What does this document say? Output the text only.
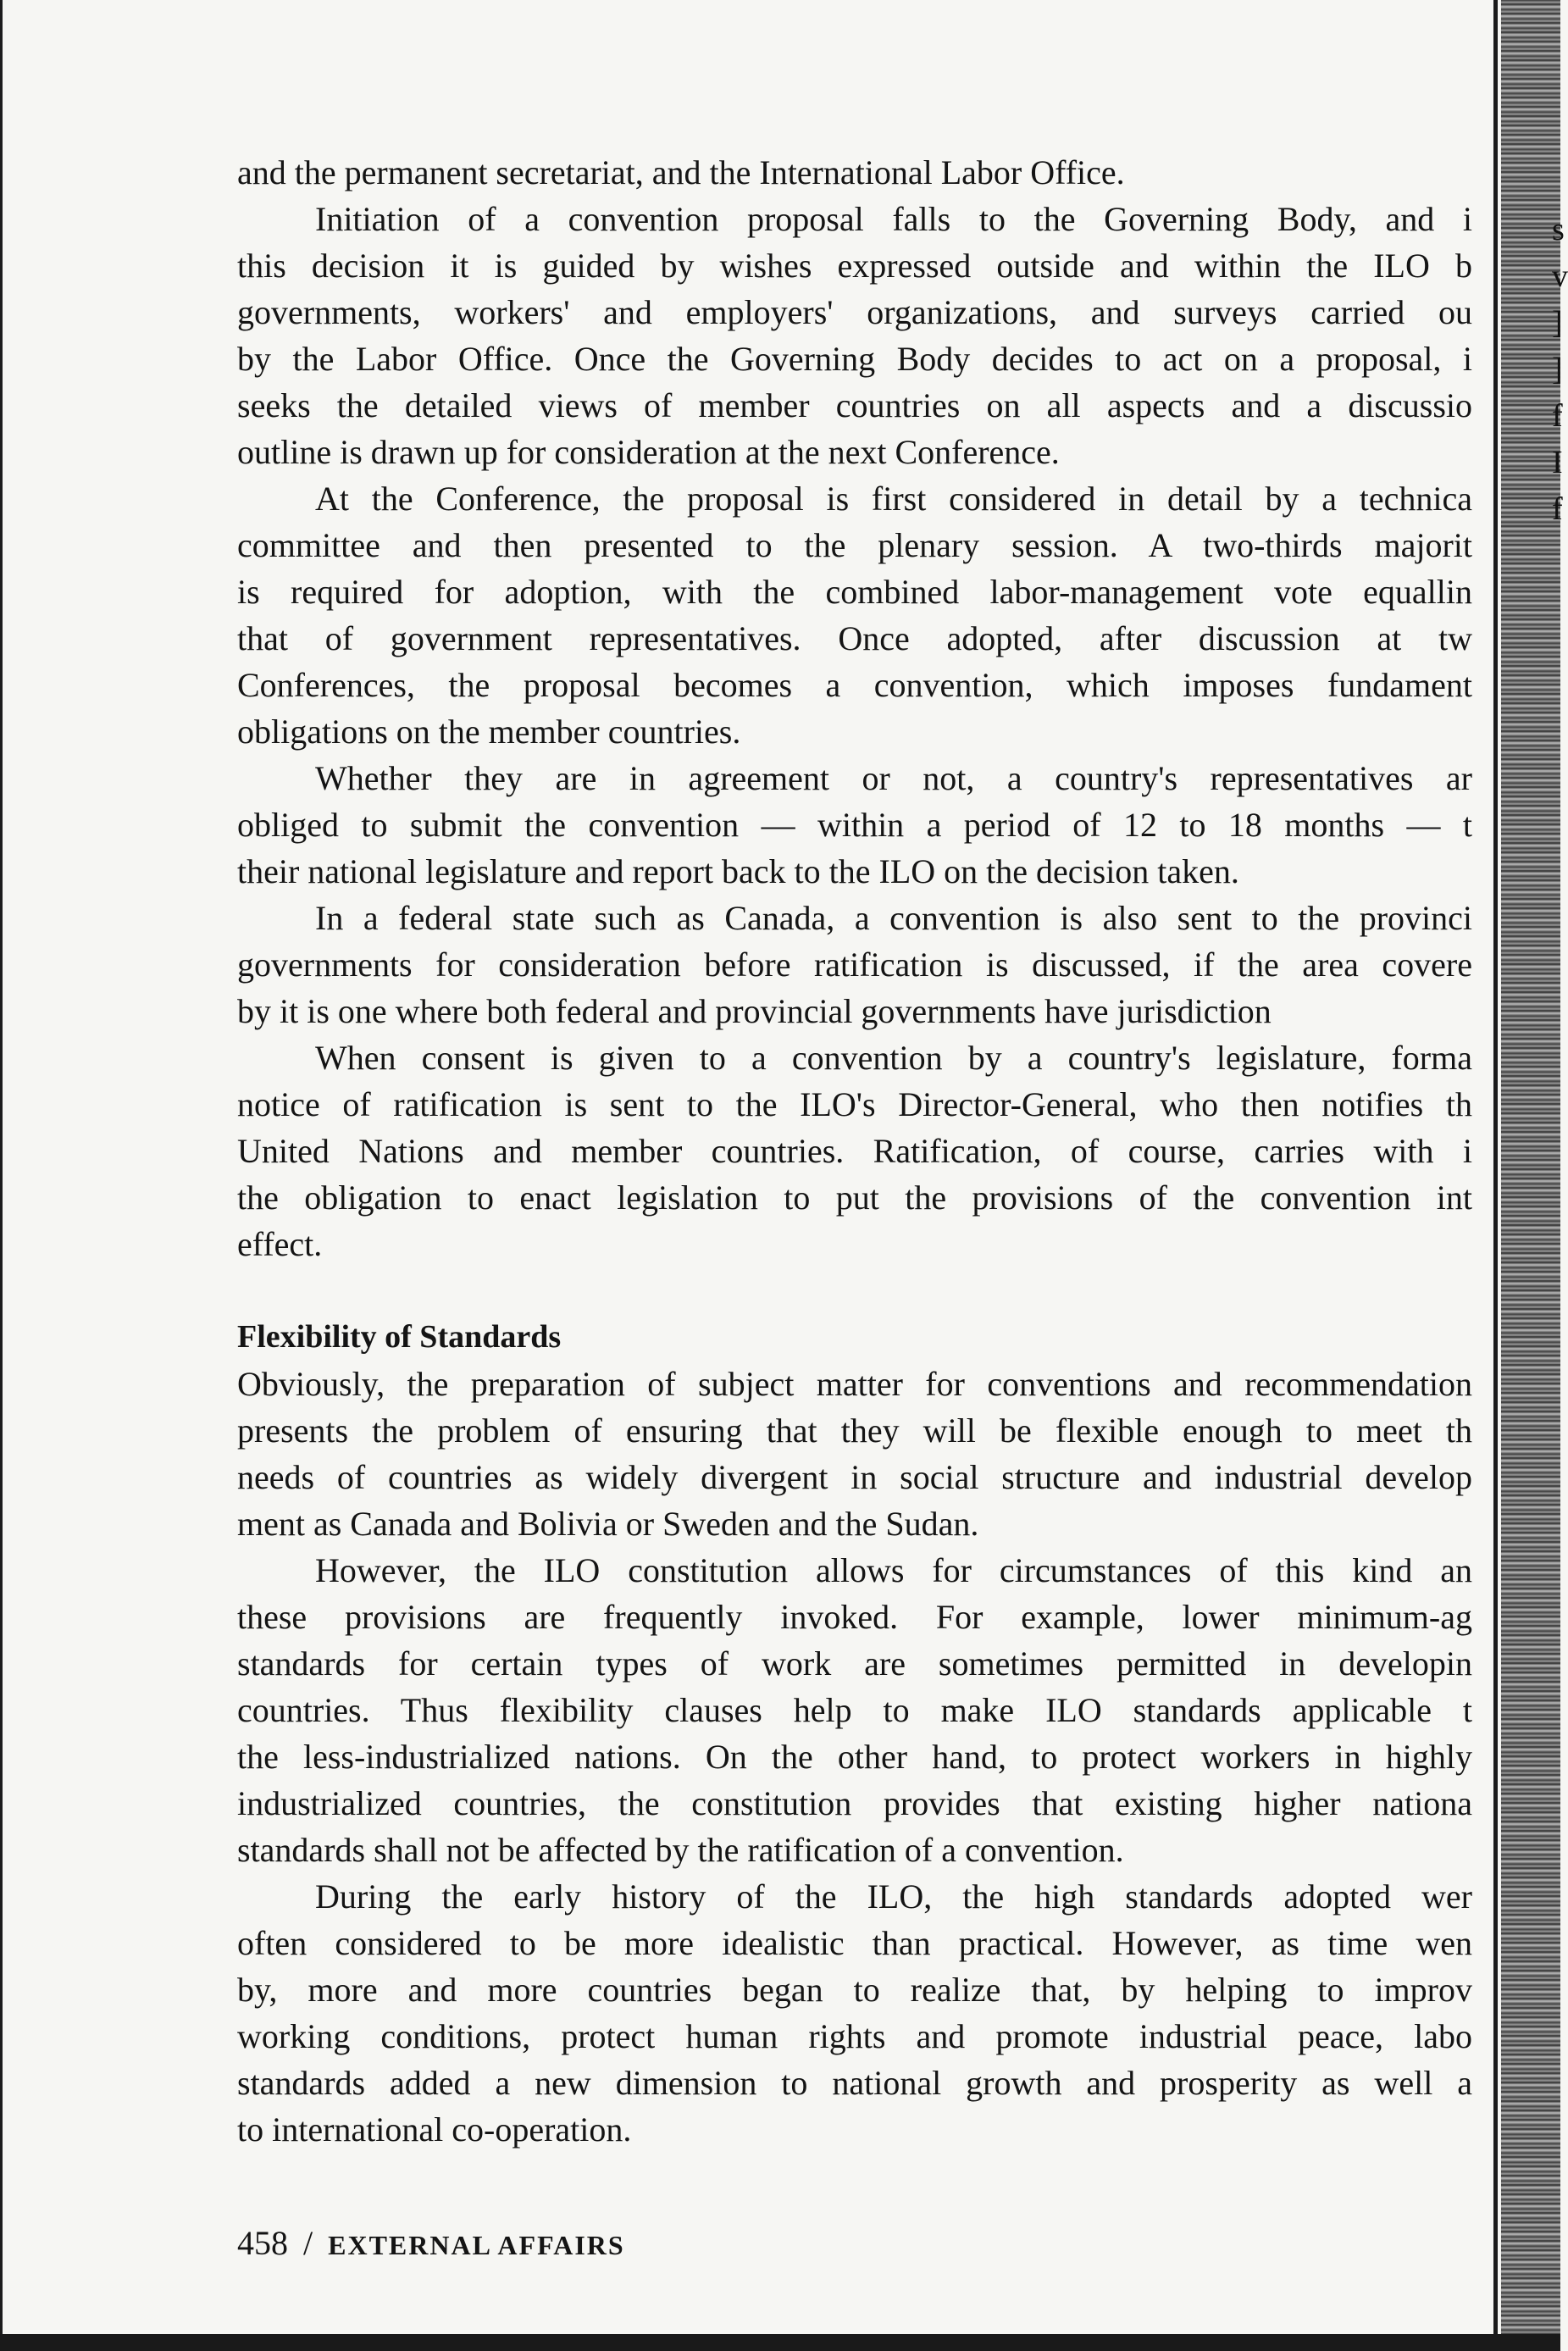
s
v
]
]
f
I
f
and the permanent secretariat, and the International Labor Office.
Initiation of a convention proposal falls to the Governing Body, and i
this decision it is guided by wishes expressed outside and within the ILO b
governments, workers' and employers' organizations, and surveys carried ou
by the Labor Office. Once the Governing Body decides to act on a proposal, i
seeks the detailed views of member countries on all aspects and a discussio
outline is drawn up for consideration at the next Conference.
At the Conference, the proposal is first considered in detail by a technica
committee and then presented to the plenary session. A two-thirds majorit
is required for adoption, with the combined labor-management vote equallin
that of government representatives. Once adopted, after discussion at tw
Conferences, the proposal becomes a convention, which imposes fundament
obligations on the member countries.
Whether they are in agreement or not, a country's representatives ar
obliged to submit the convention — within a period of 12 to 18 months — t
their national legislature and report back to the ILO on the decision taken.
In a federal state such as Canada, a convention is also sent to the provinci
governments for consideration before ratification is discussed, if the area covere
by it is one where both federal and provincial governments have jurisdiction
When consent is given to a convention by a country's legislature, forma
notice of ratification is sent to the ILO's Director-General, who then notifies th
United Nations and member countries. Ratification, of course, carries with i
the obligation to enact legislation to put the provisions of the convention int
effect.
Flexibility of Standards
Obviously, the preparation of subject matter for conventions and recommendation
presents the problem of ensuring that they will be flexible enough to meet th
needs of countries as widely divergent in social structure and industrial develop
ment as Canada and Bolivia or Sweden and the Sudan.
However, the ILO constitution allows for circumstances of this kind an
these provisions are frequently invoked. For example, lower minimum-ag
standards for certain types of work are sometimes permitted in developin
countries. Thus flexibility clauses help to make ILO standards applicable t
the less-industrialized nations. On the other hand, to protect workers in highly
industrialized countries, the constitution provides that existing higher nationa
standards shall not be affected by the ratification of a convention.
During the early history of the ILO, the high standards adopted wer
often considered to be more idealistic than practical. However, as time wen
by, more and more countries began to realize that, by helping to improv
working conditions, protect human rights and promote industrial peace, labo
standards added a new dimension to national growth and prosperity as well a
to international co-operation.
458 / EXTERNAL AFFAIRS
